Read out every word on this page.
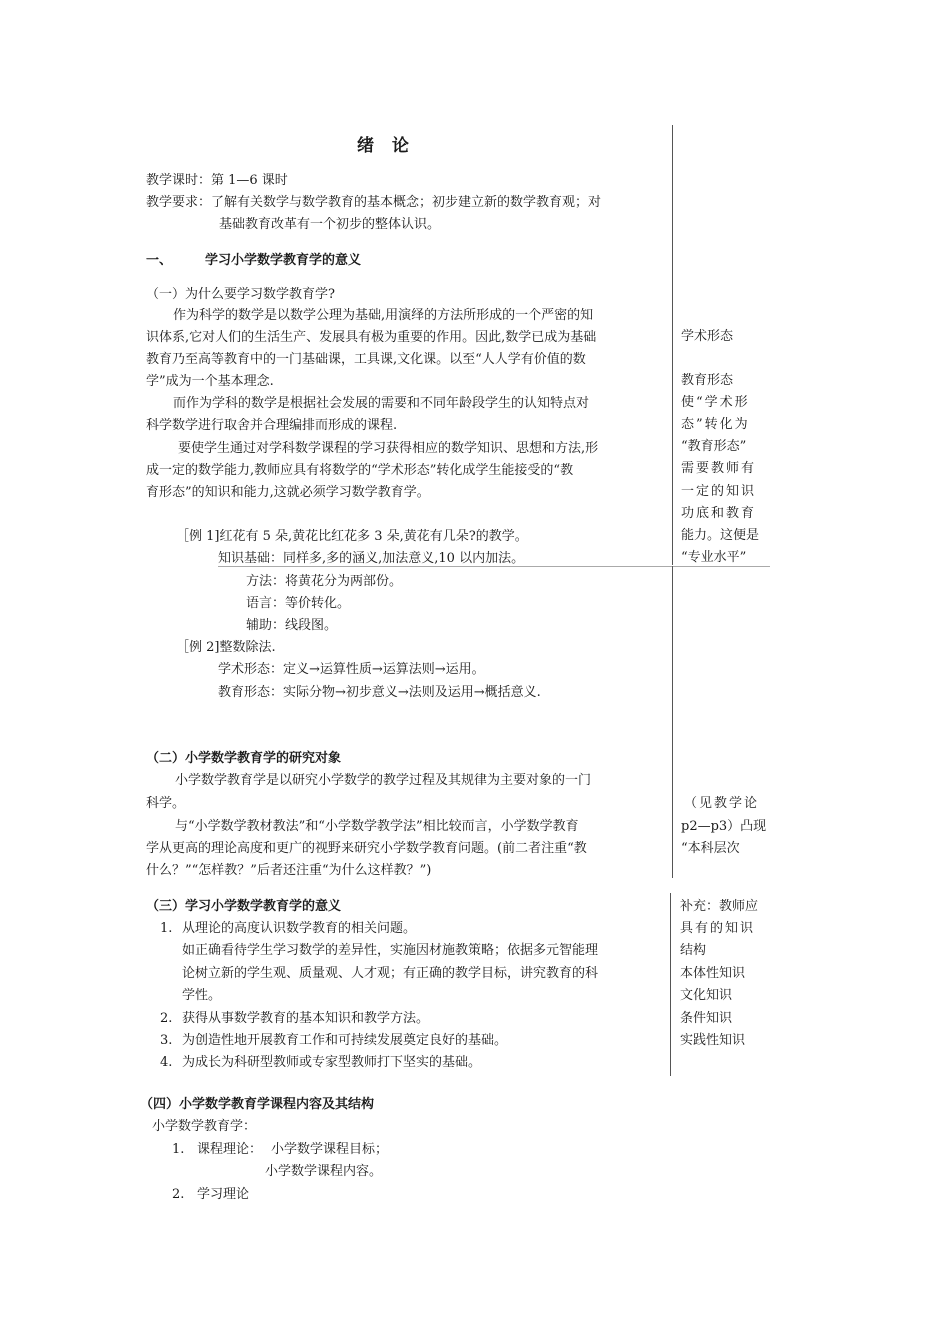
绪 论
教学课时：第 1—6 课时
教学要求：了解有关数学与数学教育的基本概念；初步建立新的数学教育观；对
基础教育改革有一个初步的整体认识。
一、	学习小学数学教育学的意义
（一）为什么要学习数学教育学?
作为科学的数学是以数学公理为基础,用演绎的方法所形成的一个严密的知
识体系,它对人们的生活生产、发展具有极为重要的作用。因此,数学已成为基础
教育乃至高等教育中的一门基础课，工具课,文化课。以至“人人学有价值的数
学”成为一个基本理念.
而作为学科的数学是根据社会发展的需要和不同年龄段学生的认知特点对
科学数学进行取舍并合理编排而形成的课程.
要使学生通过对学科数学课程的学习获得相应的数学知识、思想和方法,形
成一定的数学能力,教师应具有将数学的“学术形态”转化成学生能接受的“教
育形态”的知识和能力,这就必须学习数学教育学。
［例 1]红花有 5 朵,黄花比红花多 3 朵,黄花有几朵?的教学。
知识基础：同样多,多的涵义,加法意义,10 以内加法。
方法：将黄花分为两部份。
语言：等价转化。
辅助：线段图。
［例 2]整数除法.
学术形态：定义→运算性质→运算法则→运用。
教育形态：实际分物→初步意义→法则及运用→概括意义.
学术形态
教育形态
使“学术形
态”转化为
“教育形态”
需要教师有
一定的知识
功底和教育
能力。这便是
“专业水平”
（二）小学数学教育学的研究对象
小学数学教育学是以研究小学数学的教学过程及其规律为主要对象的一门
科学。
与“小学数学教材教法”和“小学数学教学法”相比较而言，小学数学教育
学从更高的理论高度和更广的视野来研究小学数学教育问题。(前二者注重“教
什么？”“怎样教？”后者还注重“为什么这样教？”)
（见教学论
p2—p3）凸现
“本科层次
（三）学习小学数学教育学的意义
1. 从理论的高度认识数学教育的相关问题。
如正确看待学生学习数学的差异性，实施因材施教策略；依据多元智能理
论树立新的学生观、质量观、人才观；有正确的教学目标，讲究教育的科
学性。
2. 获得从事数学教育的基本知识和教学方法。
3. 为创造性地开展教育工作和可持续发展奠定良好的基础。
4. 为成长为科研型教师或专家型教师打下坚实的基础。
补充：教师应
具有的知识
结构
本体性知识
文化知识
条件知识
实践性知识
（四）小学数学教育学课程内容及其结构
小学数学教育学：
1. 课程理论： 小学数学课程目标；
小学数学课程内容。
2. 学习理论
